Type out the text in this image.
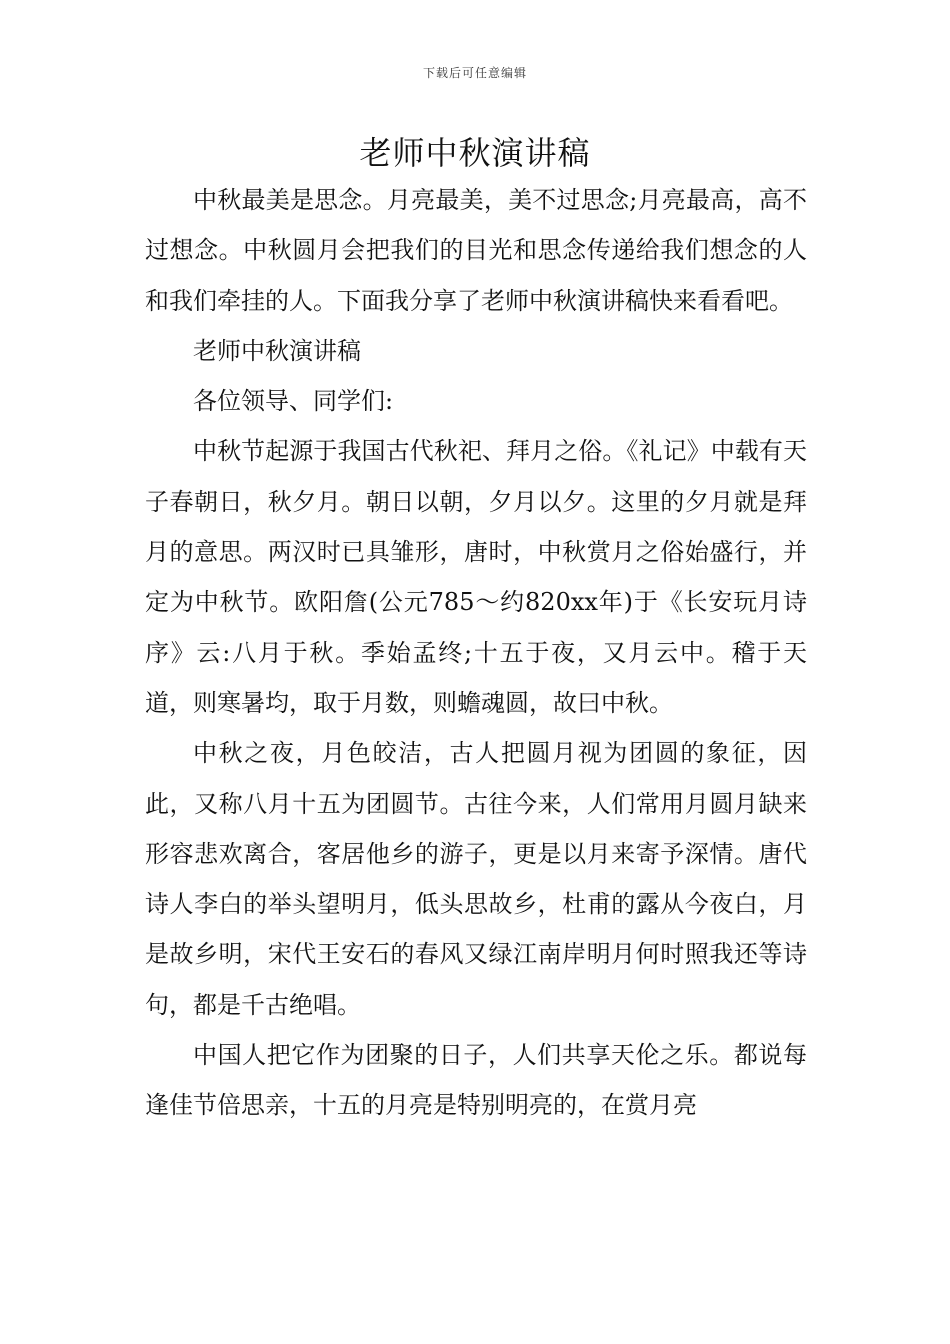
下载后可任意编辑
老师中秋演讲稿

中秋最美是思念。月亮最美，美不过思念;月亮最高，高不过想念。中秋圆月会把我们的目光和思念传递给我们想念的人和我们牵挂的人。下面我分享了老师中秋演讲稿快来看看吧。

老师中秋演讲稿

各位领导、同学们:

中秋节起源于我国古代秋祀、拜月之俗。《礼记》中载有天子春朝日，秋夕月。朝日以朝，夕月以夕。这里的夕月就是拜月的意思。两汉时已具雏形，唐时，中秋赏月之俗始盛行，并定为中秋节。欧阳詹(公元785～约820xx年)于《长安玩月诗序》云:八月于秋。季始孟终;十五于夜，又月云中。稽于天道，则寒暑均，取于月数，则蟾魂圆，故曰中秋。

中秋之夜，月色皎洁，古人把圆月视为团圆的象征，因此，又称八月十五为团圆节。古往今来，人们常用月圆月缺来形容悲欢离合，客居他乡的游子，更是以月来寄予深情。唐代诗人李白的举头望明月，低头思故乡，杜甫的露从今夜白，月是故乡明，宋代王安石的春风又绿江南岸明月何时照我还等诗句，都是千古绝唱。

中国人把它作为团聚的日子，人们共享天伦之乐。都说每逢佳节倍思亲，十五的月亮是特别明亮的，在赏月亮
